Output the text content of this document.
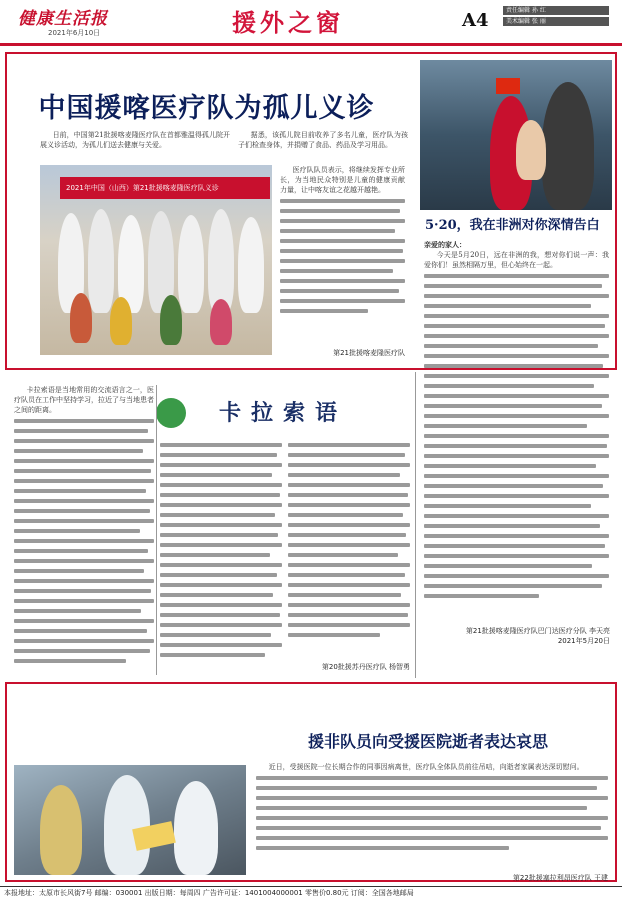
健康生活报
2021年6月10日	援外之窗	A4	责任编辑 孙 红
美术编辑 张 丽
中国援喀医疗队为孤儿义诊

日前，中国第21批援喀麦隆医疗队在首都雅温得孤儿院开展义诊活动，为孤儿们送去健康与关爱。

据悉，该孤儿院目前收养了多名儿童，医疗队为孩子们检查身体，并捐赠了食品、药品及学习用品。

2021年中国（山西）第21批援喀麦隆医疗队义诊

医疗队队员表示，将继续发挥专业所长，为当地民众特别是儿童的健康贡献力量，让中喀友谊之花越开越艳。

第21批援喀麦隆医疗队
5·20，我在非洲对你深情告白
亲爱的家人：

今天是5月20日，远在非洲的我，想对你们说一声：我爱你们！虽然相隔万里，但心始终在一起。

第21批援喀麦隆医疗队巴门达医疗分队 李天亮
2021年5月20日
卡拉索语

卡拉索语是当地常用的交流语言之一，医疗队员在工作中坚持学习，拉近了与当地患者之间的距离。

第20批援苏丹医疗队 杨智勇
援非队员向受援医院逝者表达哀思

近日，受援医院一位长期合作的同事因病离世，医疗队全体队员前往吊唁，向逝者家属表达深切慰问。

第22批援塞拉利昂医疗队 王建
本报地址：太原市长风街7号 邮编：030001 出版日期：每周四 广告许可证：1401004000001 零售价0.80元 订阅：全国各地邮局
